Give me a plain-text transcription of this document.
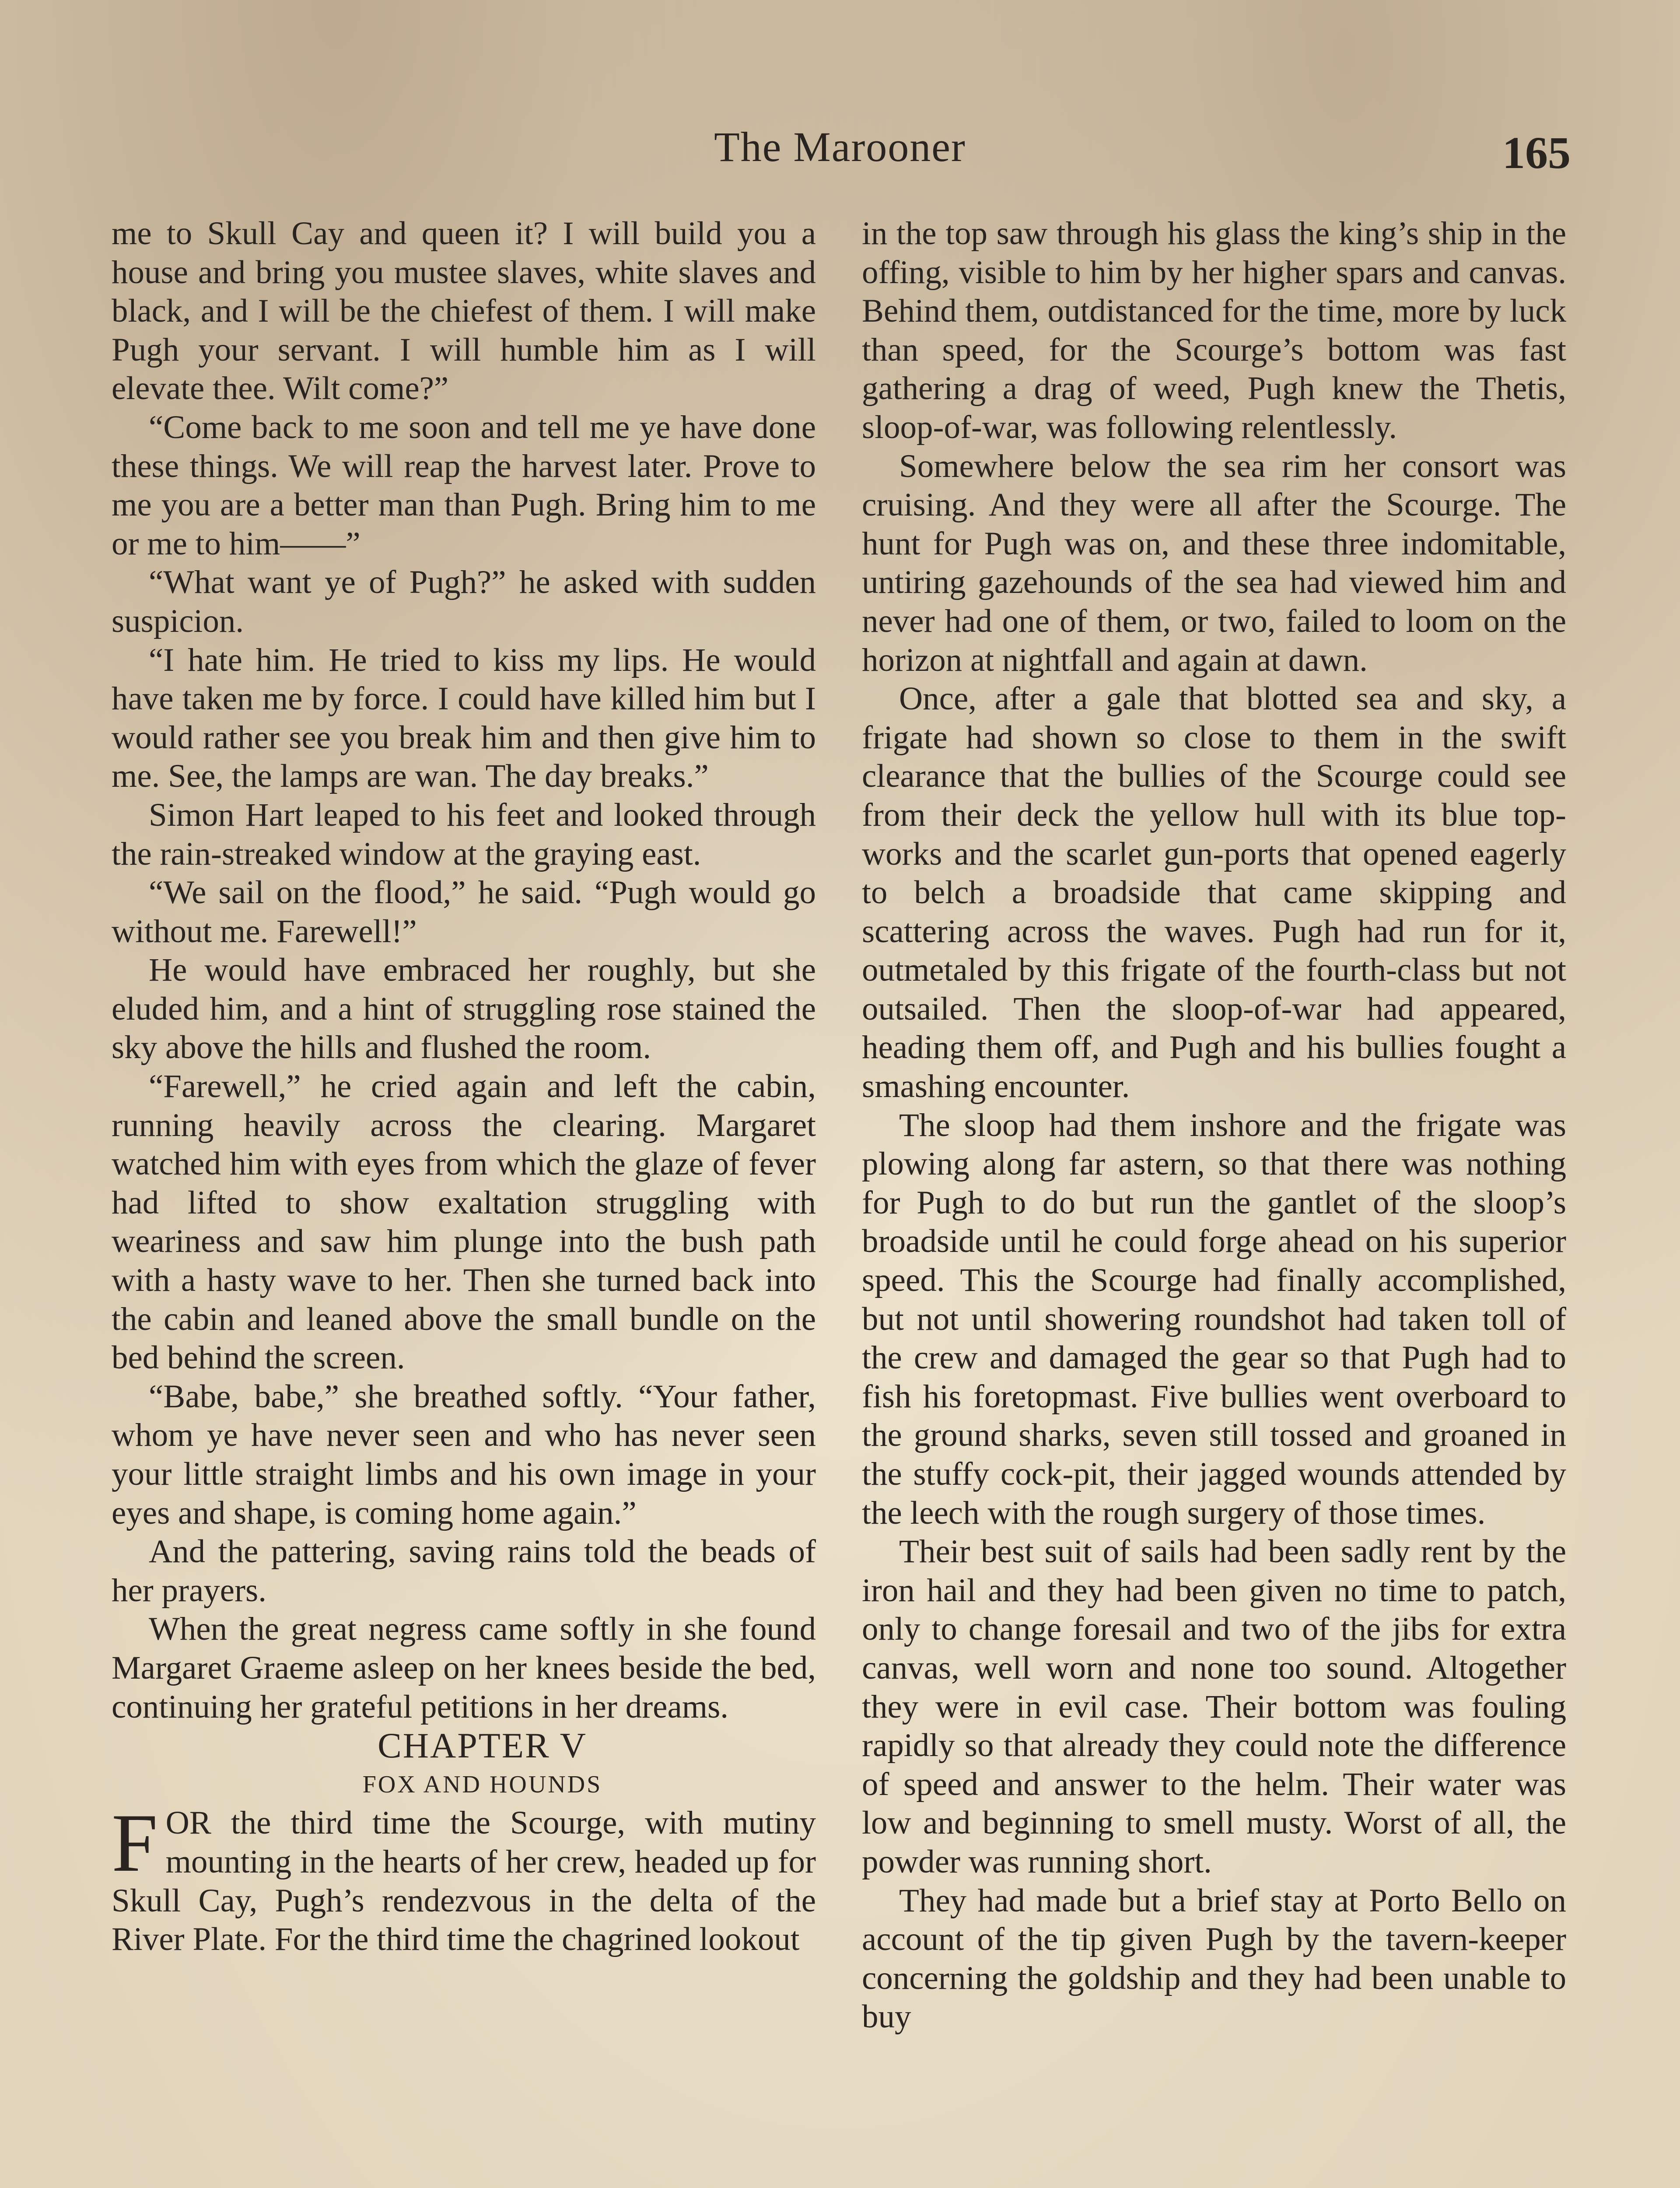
The Marooner	165

me to Skull Cay and queen it? I will build you a house and bring you mustee slaves, white slaves and black, and I will be the chiefest of them. I will make Pugh your servant. I will humble him as I will elevate thee. Wilt come?”

“Come back to me soon and tell me ye have done these things. We will reap the harvest later. Prove to me you are a better man than Pugh. Bring him to me or me to him——”

“What want ye of Pugh?” he asked with sudden suspicion.

“I hate him. He tried to kiss my lips. He would have taken me by force. I could have killed him but I would rather see you break him and then give him to me. See, the lamps are wan. The day breaks.”

Simon Hart leaped to his feet and looked through the rain-streaked window at the graying east.

“We sail on the flood,” he said. “Pugh would go without me. Farewell!”

He would have embraced her roughly, but she eluded him, and a hint of struggling rose stained the sky above the hills and flushed the room.

“Farewell,” he cried again and left the cabin, running heavily across the clearing. Margaret watched him with eyes from which the glaze of fever had lifted to show exaltation struggling with weariness and saw him plunge into the bush path with a hasty wave to her. Then she turned back into the cabin and leaned above the small bundle on the bed behind the screen.

“Babe, babe,” she breathed softly. “Your father, whom ye have never seen and who has never seen your little straight limbs and his own image in your eyes and shape, is coming home again.”

And the pattering, saving rains told the beads of her prayers.

When the great negress came softly in she found Margaret Graeme asleep on her knees beside the bed, continuing her grateful petitions in her dreams.

CHAPTER V

FOX AND HOUNDS

FOR the third time the Scourge, with mutiny mounting in the hearts of her crew, headed up for Skull Cay, Pugh’s rendezvous in the delta of the River Plate. For the third time the chagrined lookout

in the top saw through his glass the king’s ship in the offing, visible to him by her higher spars and canvas. Behind them, outdistanced for the time, more by luck than speed, for the Scourge’s bottom was fast gathering a drag of weed, Pugh knew the Thetis, sloop-of-war, was following relentlessly.

Somewhere below the sea rim her consort was cruising. And they were all after the Scourge. The hunt for Pugh was on, and these three indomitable, untiring gazehounds of the sea had viewed him and never had one of them, or two, failed to loom on the horizon at nightfall and again at dawn.

Once, after a gale that blotted sea and sky, a frigate had shown so close to them in the swift clearance that the bullies of the Scourge could see from their deck the yellow hull with its blue top-works and the scarlet gun-ports that opened eagerly to belch a broadside that came skipping and scattering across the waves. Pugh had run for it, outmetaled by this frigate of the fourth-class but not outsailed. Then the sloop-of-war had appeared, heading them off, and Pugh and his bullies fought a smashing encounter.

The sloop had them inshore and the frigate was plowing along far astern, so that there was nothing for Pugh to do but run the gantlet of the sloop’s broadside until he could forge ahead on his superior speed. This the Scourge had finally accomplished, but not until showering roundshot had taken toll of the crew and damaged the gear so that Pugh had to fish his foretopmast. Five bullies went overboard to the ground sharks, seven still tossed and groaned in the stuffy cock-pit, their jagged wounds attended by the leech with the rough surgery of those times.

Their best suit of sails had been sadly rent by the iron hail and they had been given no time to patch, only to change foresail and two of the jibs for extra canvas, well worn and none too sound. Altogether they were in evil case. Their bottom was fouling rapidly so that already they could note the difference of speed and answer to the helm. Their water was low and beginning to smell musty. Worst of all, the powder was running short.

They had made but a brief stay at Porto Bello on account of the tip given Pugh by the tavern-keeper concerning the goldship and they had been unable to buy
